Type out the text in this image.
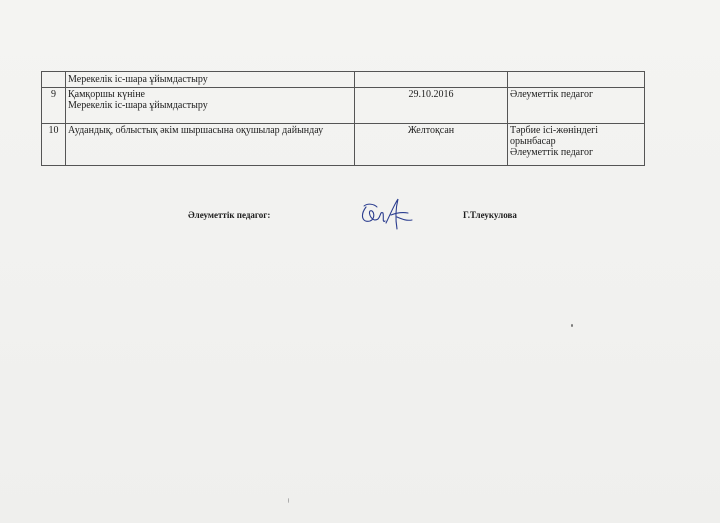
	Мерекелік іс-шара ұйымдастыру		

9	Қамқоршы күніне
Мерекелік іс-шара ұйымдастыру	29.10.2016	Әлеуметтік педагог

10	Аудандық, облыстық әкім шыршасына оқушылар дайындау	Желтоқсан	Тәрбие ісі-жөніндегі орынбасар
Әлеуметтік педагог
Әлеуметтік педагог:	Г.Тлеукулова
